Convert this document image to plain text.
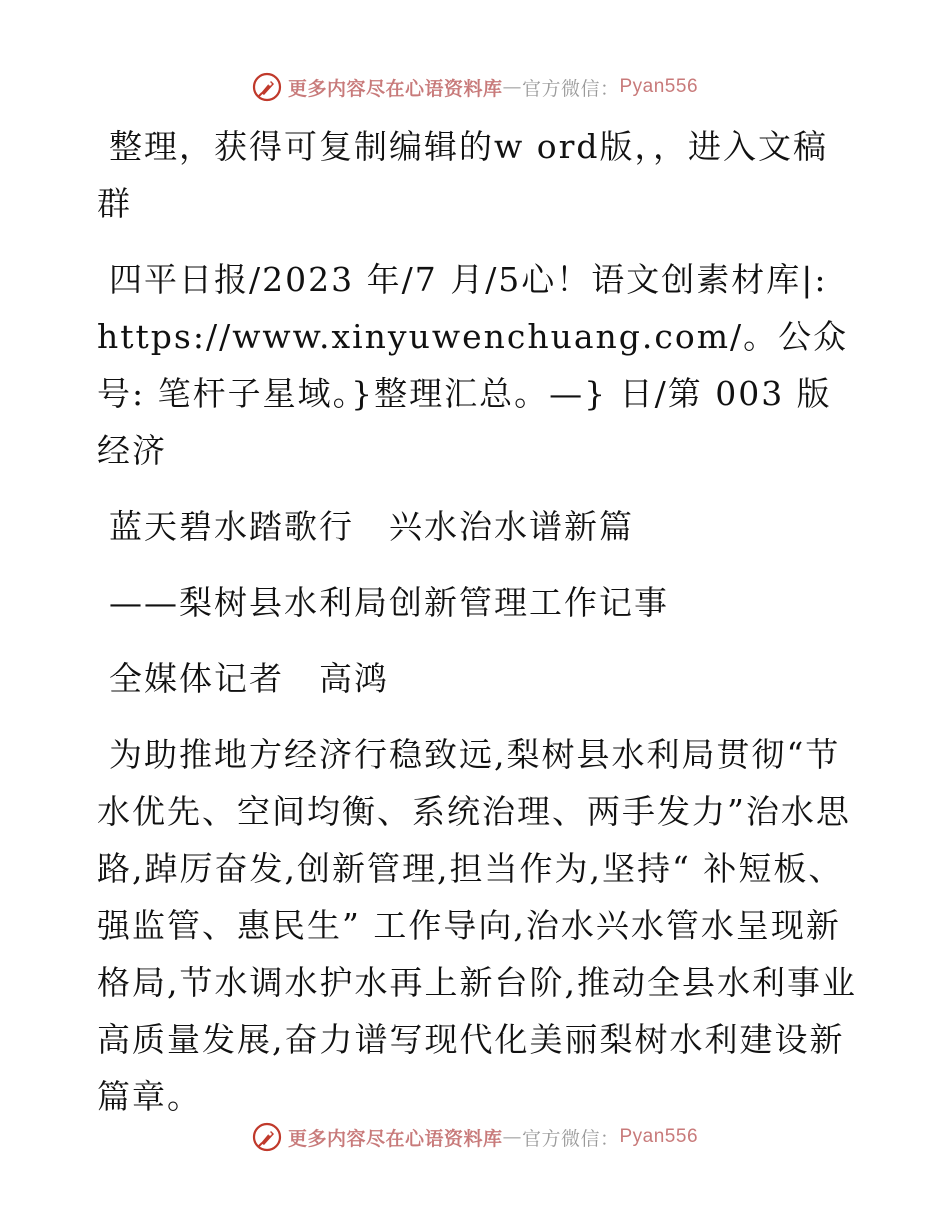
更多内容尽在心语资料库 — 官方微信： Pyan556

整理，获得可复制编辑的w ord版，，进入文稿群

四平日报/2023 年/7 月/5心！语文创素材库|: https://www.xinyuwenchuang.com/。公众号: 笔杆子星域。}整理汇总。—} 日/第 003 版经济

蓝天碧水踏歌行　兴水治水谱新篇

——梨树县水利局创新管理工作记事

全媒体记者　高鸿

为助推地方经济行稳致远,梨树县水利局贯彻“节水优先、空间均衡、系统治理、两手发力”治水思路,踔厉奋发,创新管理,担当作为,坚持“ 补短板、强监管、惠民生” 工作导向,治水兴水管水呈现新格局,节水调水护水再上新台阶,推动全县水利事业高质量发展,奋力谱写现代化美丽梨树水利建设新篇章。

更多内容尽在心语资料库 — 官方微信： Pyan556
